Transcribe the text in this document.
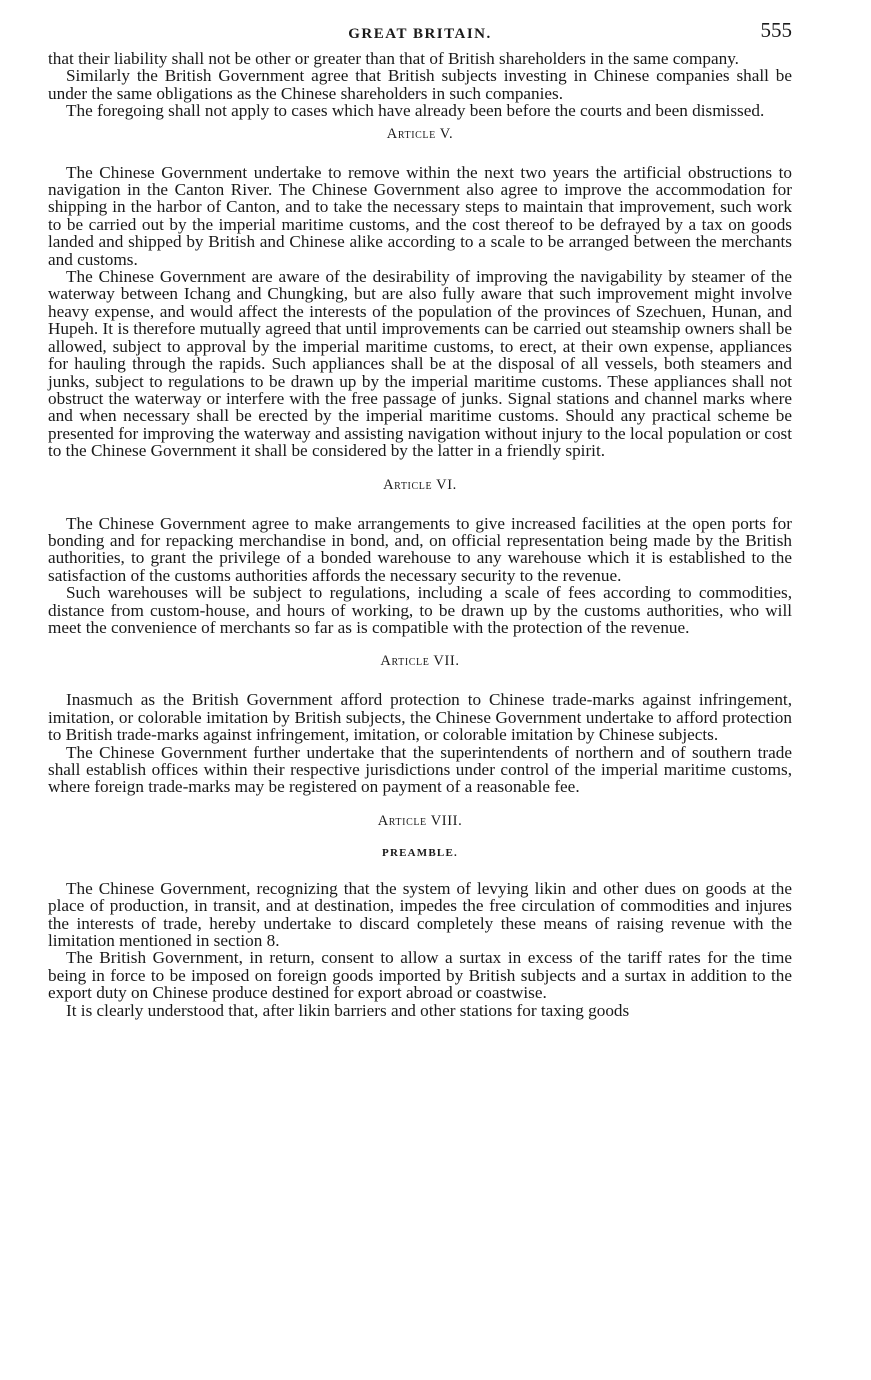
GREAT BRITAIN.	555

that their liability shall not be other or greater than that of British shareholders in the same company.

Similarly the British Government agree that British subjects investing in Chinese companies shall be under the same obligations as the Chinese shareholders in such companies.

The foregoing shall not apply to cases which have already been before the courts and been dismissed.

Article V.

The Chinese Government undertake to remove within the next two years the artificial obstructions to navigation in the Canton River. The Chinese Government also agree to improve the accommodation for shipping in the harbor of Canton, and to take the necessary steps to maintain that improvement, such work to be carried out by the imperial maritime customs, and the cost thereof to be defrayed by a tax on goods landed and shipped by British and Chinese alike according to a scale to be arranged between the merchants and customs.

The Chinese Government are aware of the desirability of improving the navigability by steamer of the waterway between Ichang and Chungking, but are also fully aware that such improvement might involve heavy expense, and would affect the interests of the population of the provinces of Szechuen, Hunan, and Hupeh. It is therefore mutually agreed that until improvements can be carried out steamship owners shall be allowed, subject to approval by the imperial maritime customs, to erect, at their own expense, appliances for hauling through the rapids. Such appliances shall be at the disposal of all vessels, both steamers and junks, subject to regulations to be drawn up by the imperial maritime customs. These appliances shall not obstruct the waterway or interfere with the free passage of junks. Signal stations and channel marks where and when necessary shall be erected by the imperial maritime customs. Should any practical scheme be presented for improving the waterway and assisting navigation without injury to the local population or cost to the Chinese Government it shall be considered by the latter in a friendly spirit.

Article VI.

The Chinese Government agree to make arrangements to give increased facilities at the open ports for bonding and for repacking merchandise in bond, and, on official representation being made by the British authorities, to grant the privilege of a bonded warehouse to any warehouse which it is established to the satisfaction of the customs authorities affords the necessary security to the revenue.

Such warehouses will be subject to regulations, including a scale of fees according to commodities, distance from custom-house, and hours of working, to be drawn up by the customs authorities, who will meet the convenience of merchants so far as is compatible with the protection of the revenue.

Article VII.

Inasmuch as the British Government afford protection to Chinese trade-marks against infringement, imitation, or colorable imitation by British subjects, the Chinese Government undertake to afford protection to British trade-marks against infringement, imitation, or colorable imitation by Chinese subjects.

The Chinese Government further undertake that the superintendents of northern and of southern trade shall establish offices within their respective jurisdictions under control of the imperial maritime customs, where foreign trade-marks may be registered on payment of a reasonable fee.

Article VIII.
PREAMBLE.

The Chinese Government, recognizing that the system of levying likin and other dues on goods at the place of production, in transit, and at destination, impedes the free circulation of commodities and injures the interests of trade, hereby undertake to discard completely these means of raising revenue with the limitation mentioned in section 8.

The British Government, in return, consent to allow a surtax in excess of the tariff rates for the time being in force to be imposed on foreign goods imported by British subjects and a surtax in addition to the export duty on Chinese produce destined for export abroad or coastwise.

It is clearly understood that, after likin barriers and other stations for taxing goods
